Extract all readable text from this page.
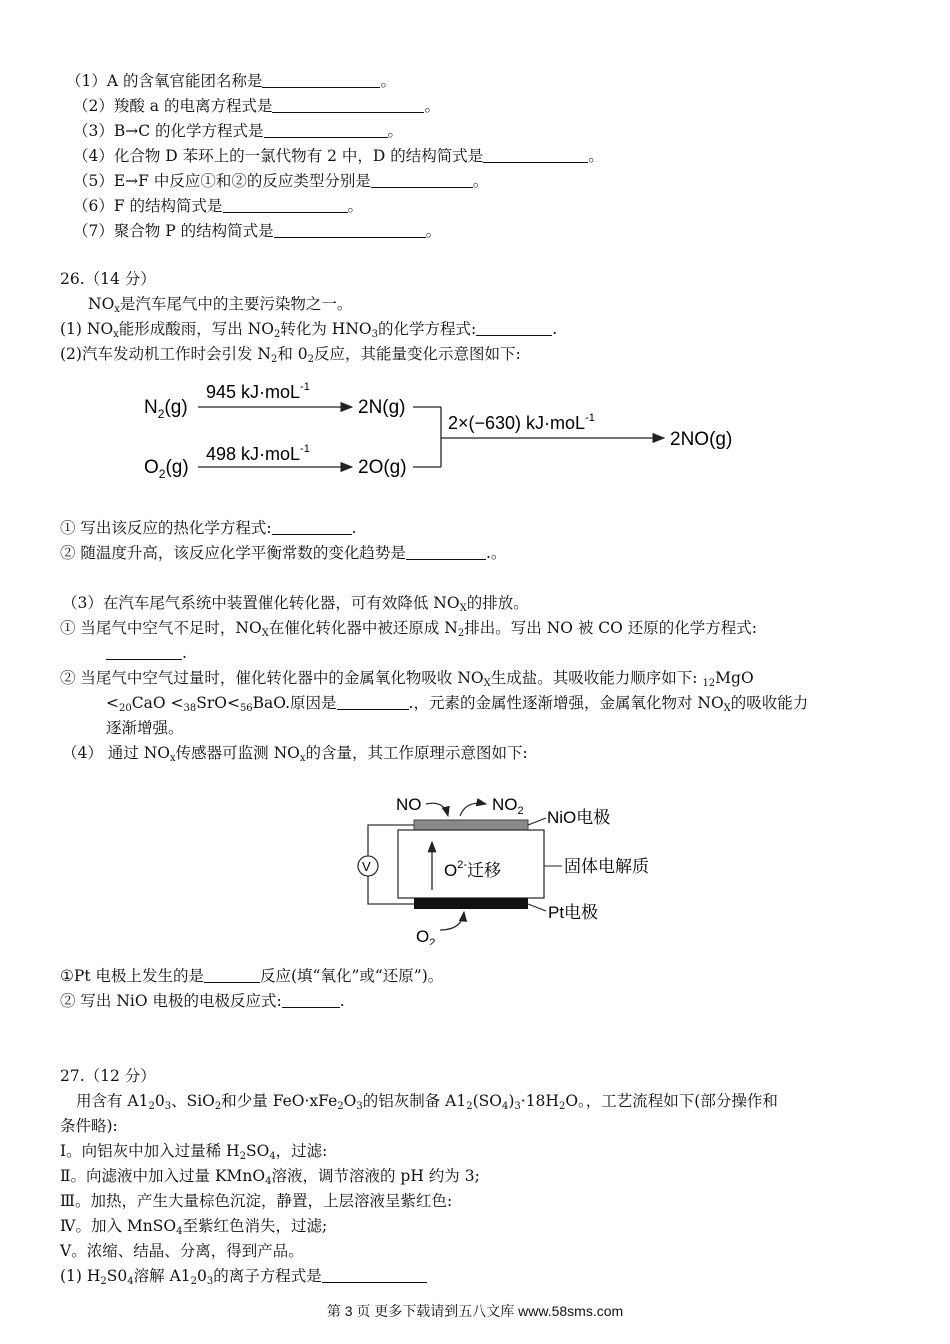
（1）A 的含氧官能团名称是	。
（2）羧酸 a 的电离方程式是	。
（3）B→C 的化学方程式是	。
（4）化合物 D 苯环上的一氯代物有 2 中，D 的结构简式是	。
（5）E→F 中反应①和②的反应类型分别是	。
（6）F 的结构简式是	。
（7）聚合物 P 的结构简式是	。
26.（14 分）
$NO_x$是汽车尾气中的主要污染物之一。
(1) $NO_x$能形成酸雨，写出 $NO_2$转化为 $HNO_3$的化学方程式:	.
(2)汽车发动机工作时会引发 $N_2$和 $0_2$反应，其能量变化示意图如下:
$N_2(g)$
945 kJ·moL$^{-1}$
2N(g)
$O_2(g)$
498 kJ·moL$^{-1}$
2O(g)
2×(−630) kJ·moL$^{-1}$
2NO(g)
① 写出该反应的热化学方程式:	.
② 随温度升高，该反应化学平衡常数的变化趋势是	.。
（3）在汽车尾气系统中装置催化转化器，可有效降低 $NO_X$的排放。
① 当尾气中空气不足时，$NO_X$在催化转化器中被还原成 $N_2$排出。写出 NO 被 CO 还原的化学方程式:
.
② 当尾气中空气过量时，催化转化器中的金属氧化物吸收 $NO_X$生成盐。其吸收能力顺序如下: 12MgO
<20CaO <38SrO<56BaO.原因是	.，元素的金属性逐渐增强，金属氧化物对 $NO_X$的吸收能力
逐渐增强。
（4） 通过 $NO_x$传感器可监测 $NO_x$的含量，其工作原理示意图如下:
NO	$NO_2$ NiO电极
$O^{2-}$迁移	固体电解质
Pt电极
V
$O_2$
①Pt 电极上发生的是	反应(填“氧化”或“还原”)。
② 写出 NiO 电极的电极反应式:	.
27.（12 分）
用含有 $A1_20_3$、SiO$_2$和少量 $FeO\cdot xFe_2O_3$的铝灰制备 $A1_2(SO_4)_3\cdot 18H_2O$。，工艺流程如下(部分操作和
条件略):
Ⅰ。向铝灰中加入过量稀 $H_2SO_4$，过滤:
Ⅱ。向滤液中加入过量 KMnO$_4$溶液，调节溶液的 pH 约为 3;
Ⅲ。加热，产生大量棕色沉淀，静置，上层溶液呈紫红色:
Ⅳ。加入 MnSO$_4$至紫红色消失，过滤;
Ⅴ。浓缩、结晶、分离，得到产品。
(1) $H_2S0_4$溶解 $A1_20_3$的离子方程式是
第 3 页 更多下载请到五八文库 www.58sms.com
